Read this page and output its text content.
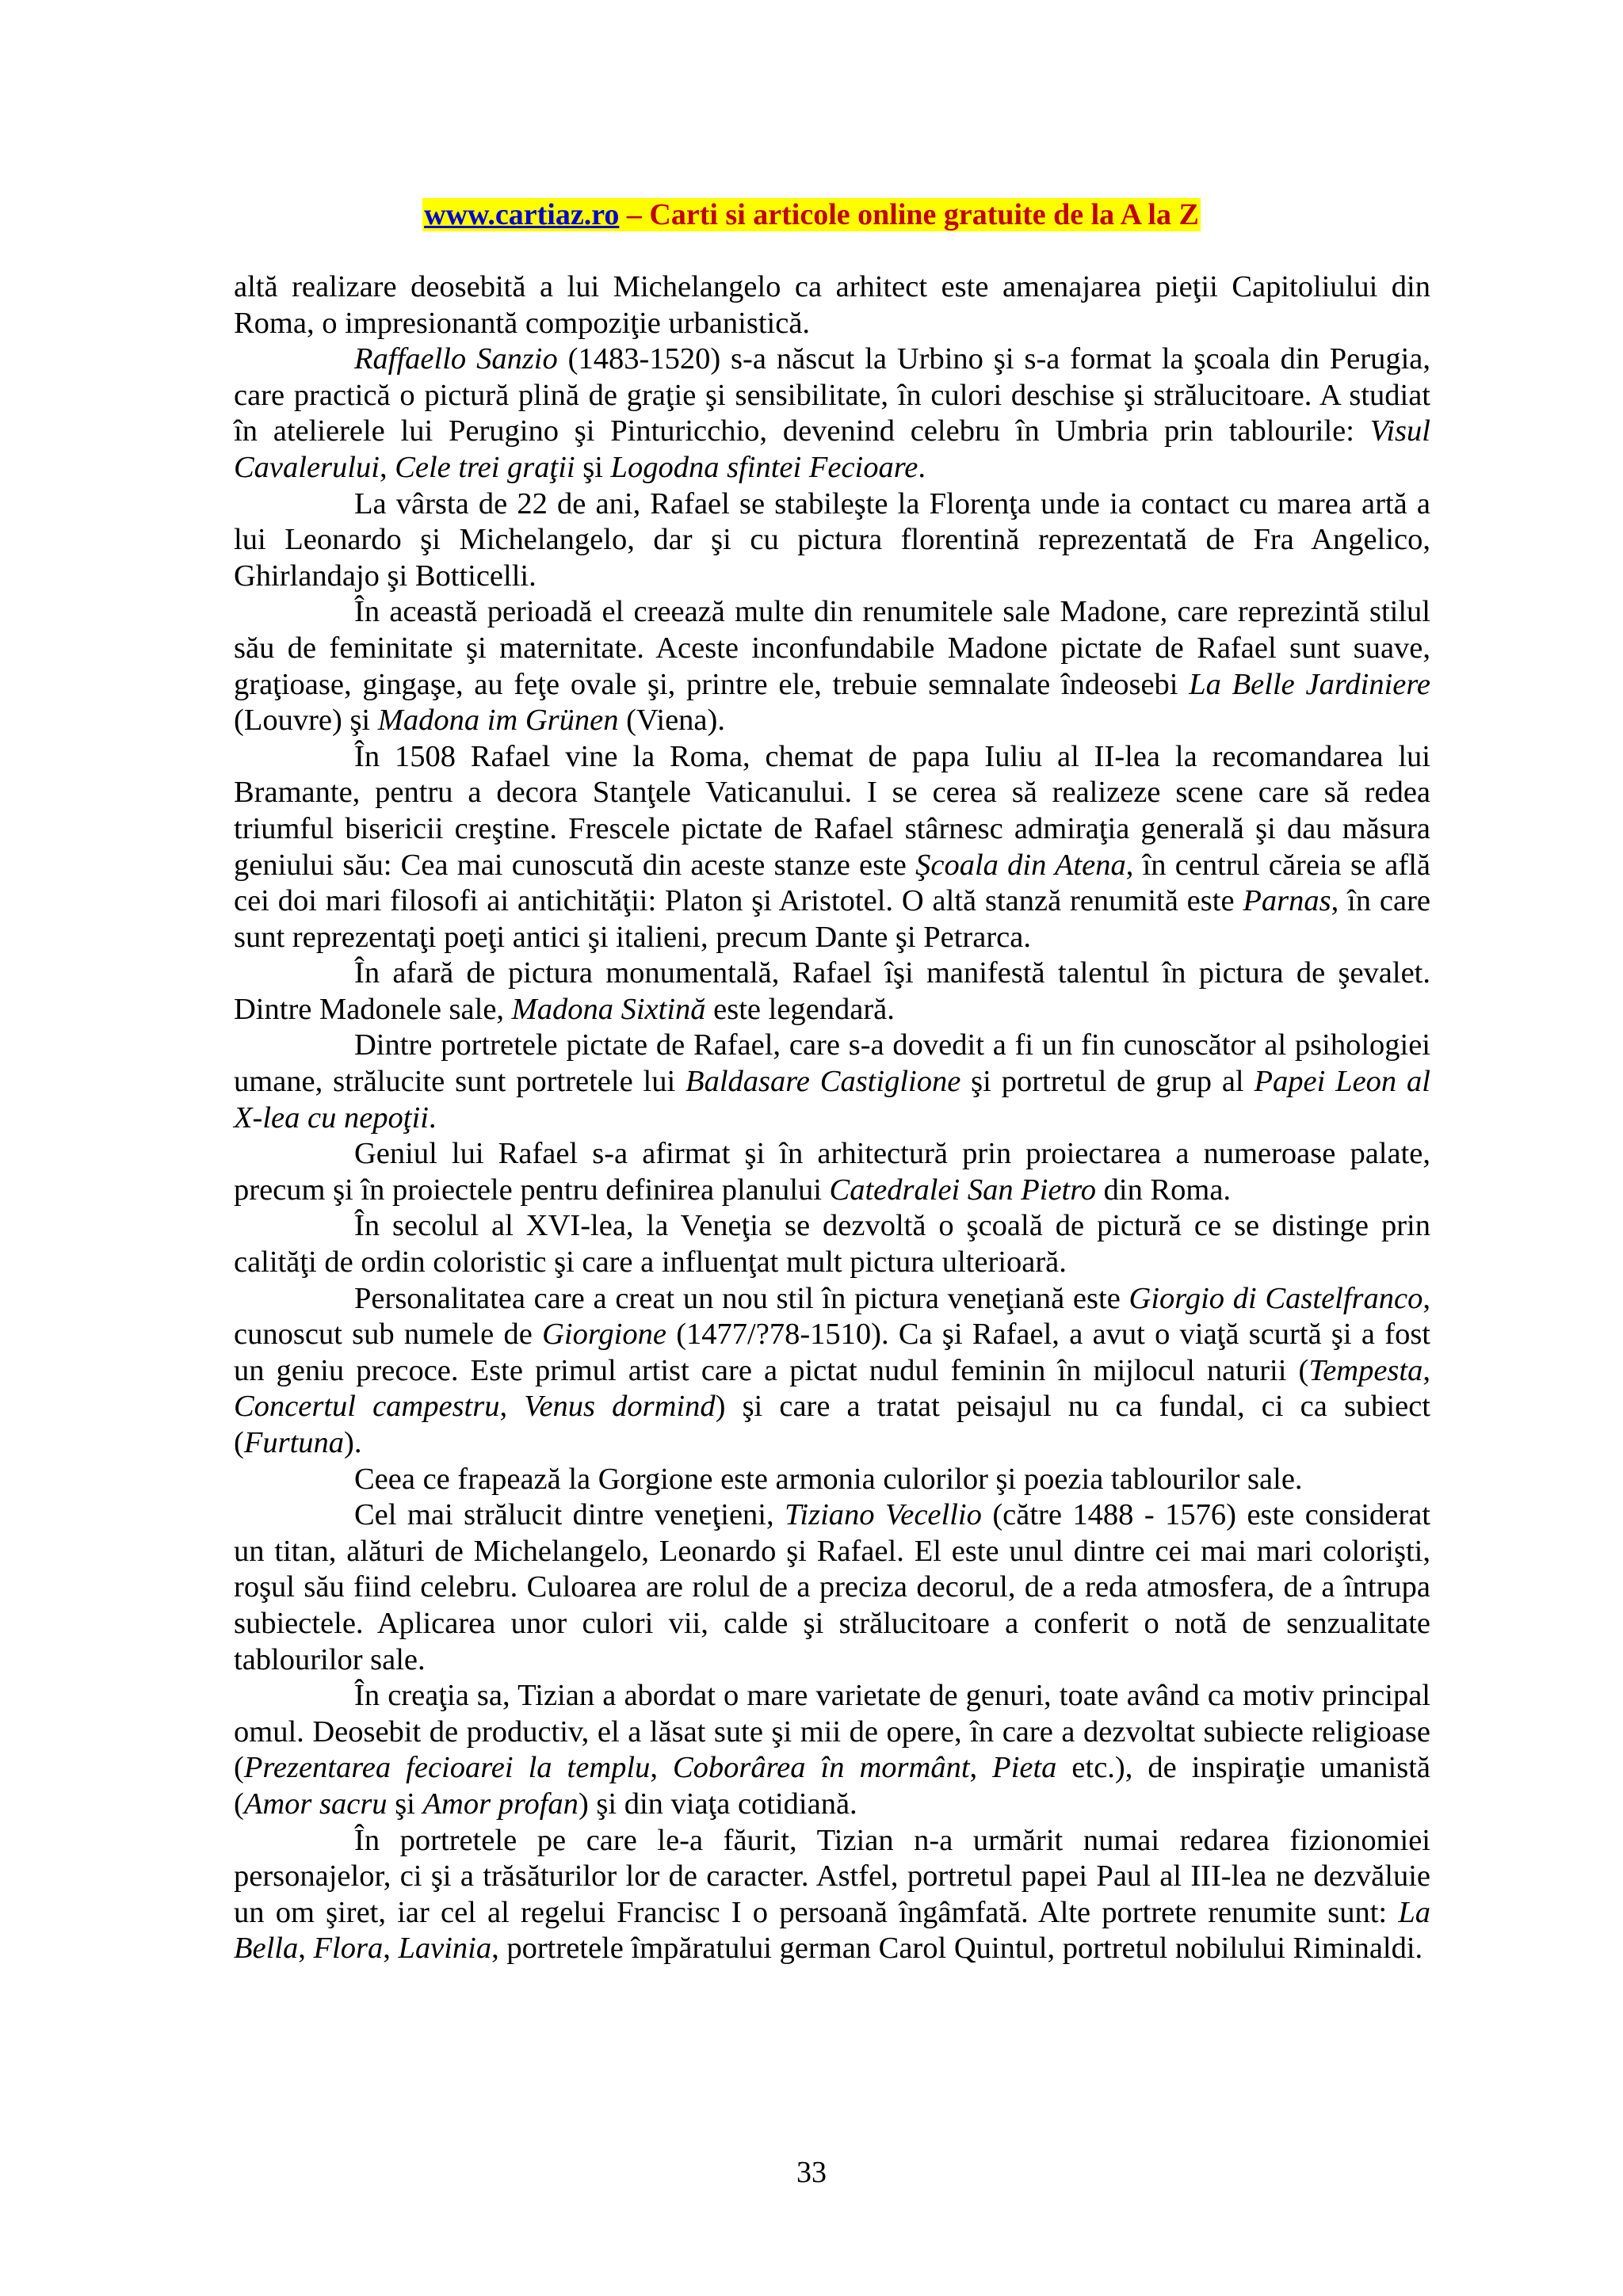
www.cartiaz.ro – Carti si articole online gratuite de la A la Z

altă realizare deosebită a lui Michelangelo ca arhitect este amenajarea pieţii Capitoliului din Roma, o impresionantă compoziţie urbanistică.

Raffaello Sanzio (1483-1520) s-a născut la Urbino şi s-a format la şcoala din Perugia, care practică o pictură plină de graţie şi sensibilitate, în culori deschise şi strălucitoare. A studiat în atelierele lui Perugino şi Pinturicchio, devenind celebru în Umbria prin tablourile: Visul Cavalerului, Cele trei graţii şi Logodna sfintei Fecioare.

La vârsta de 22 de ani, Rafael se stabileşte la Florenţa unde ia contact cu marea artă a lui Leonardo şi Michelangelo, dar şi cu pictura florentină reprezentată de Fra Angelico, Ghirlandajo şi Botticelli.

În această perioadă el creează multe din renumitele sale Madone, care reprezintă stilul său de feminitate şi maternitate. Aceste inconfundabile Madone pictate de Rafael sunt suave, graţioase, gingaşe, au feţe ovale şi, printre ele, trebuie semnalate îndeosebi La Belle Jardiniere (Louvre) şi Madona im Grünen (Viena).

În 1508 Rafael vine la Roma, chemat de papa Iuliu al II-lea la recomandarea lui Bramante, pentru a decora Stanţele Vaticanului. I se cerea să realizeze scene care să redea triumful bisericii creştine. Frescele pictate de Rafael stârnesc admiraţia generală şi dau măsura geniului său: Cea mai cunoscută din aceste stanze este Şcoala din Atena, în centrul căreia se află cei doi mari filosofi ai antichităţii: Platon şi Aristotel. O altă stanză renumită este Parnas, în care sunt reprezentaţi poeţi antici şi italieni, precum Dante şi Petrarca.

În afară de pictura monumentală, Rafael îşi manifestă talentul în pictura de şevalet. Dintre Madonele sale, Madona Sixtină este legendară.

Dintre portretele pictate de Rafael, care s-a dovedit a fi un fin cunoscător al psihologiei umane, strălucite sunt portretele lui Baldasare Castiglione şi portretul de grup al Papei Leon al X-lea cu nepoţii.

Geniul lui Rafael s-a afirmat şi în arhitectură prin proiectarea a numeroase palate, precum şi în proiectele pentru definirea planului Catedralei San Pietro din Roma.

În secolul al XVI-lea, la Veneţia se dezvoltă o şcoală de pictură ce se distinge prin calităţi de ordin coloristic şi care a influenţat mult pictura ulterioară.

Personalitatea care a creat un nou stil în pictura veneţiană este Giorgio di Castelfranco, cunoscut sub numele de Giorgione (1477/?78-1510). Ca şi Rafael, a avut o viaţă scurtă şi a fost un geniu precoce. Este primul artist care a pictat nudul feminin în mijlocul naturii (Tempesta, Concertul campestru, Venus dormind) şi care a tratat peisajul nu ca fundal, ci ca subiect (Furtuna).

Ceea ce frapează la Gorgione este armonia culorilor şi poezia tablourilor sale.

Cel mai strălucit dintre veneţieni, Tiziano Vecellio (către 1488 - 1576) este considerat un titan, alături de Michelangelo, Leonardo şi Rafael. El este unul dintre cei mai mari colorişti, roşul său fiind celebru. Culoarea are rolul de a preciza decorul, de a reda atmosfera, de a întrupa subiectele. Aplicarea unor culori vii, calde şi strălucitoare a conferit o notă de senzualitate tablourilor sale.

În creaţia sa, Tizian a abordat o mare varietate de genuri, toate având ca motiv principal omul. Deosebit de productiv, el a lăsat sute şi mii de opere, în care a dezvoltat subiecte religioase (Prezentarea fecioarei la templu, Coborârea în mormânt, Pieta etc.), de inspiraţie umanistă (Amor sacru şi Amor profan) şi din viaţa cotidiană.

În portretele pe care le-a făurit, Tizian n-a urmărit numai redarea fizionomiei personajelor, ci şi a trăsăturilor lor de caracter. Astfel, portretul papei Paul al III-lea ne dezvăluie un om şiret, iar cel al regelui Francisc I o persoană îngâmfată. Alte portrete renumite sunt: La Bella, Flora, Lavinia, portretele împăratului german Carol Quintul, portretul nobilului Riminaldi.

33
